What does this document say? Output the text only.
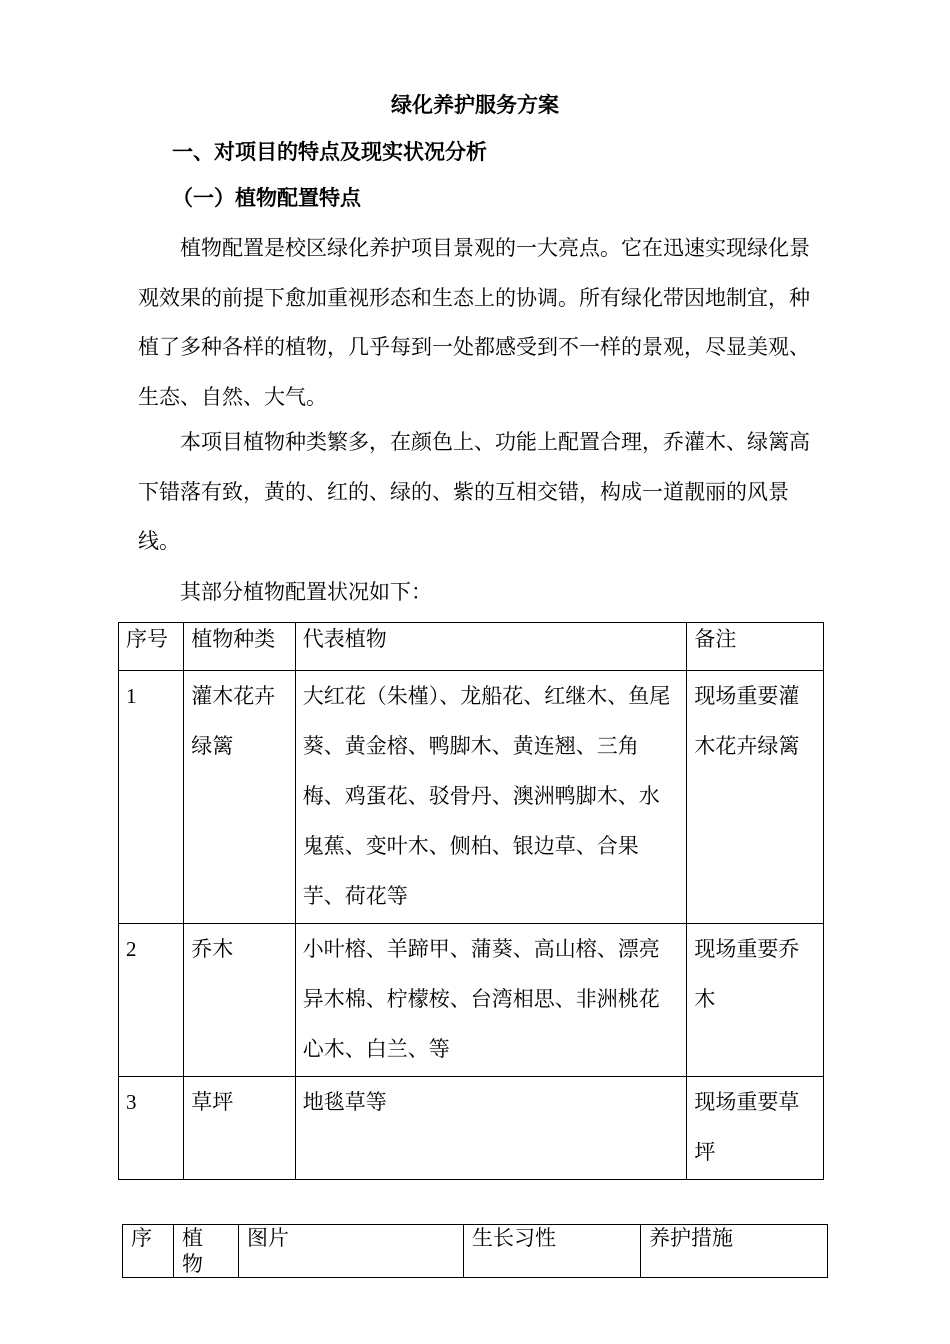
绿化养护服务方案
一、对项目的特点及现实状况分析
（一）植物配置特点

植物配置是校区绿化养护项目景观的一大亮点。它在迅速实现绿化景观效果的前提下愈加重视形态和生态上的协调。所有绿化带因地制宜，种植了多种各样的植物，几乎每到一处都感受到不一样的景观，尽显美观、生态、自然、大气。

本项目植物种类繁多，在颜色上、功能上配置合理，乔灌木、绿篱高下错落有致，黄的、红的、绿的、紫的互相交错，构成一道靓丽的风景线。

其部分植物配置状况如下：

序号	植物种类	代表植物	备注
1	灌木花卉绿篱	大红花（朱槿）、龙船花、红继木、鱼尾葵、黄金榕、鸭脚木、黄连翘、三角梅、鸡蛋花、驳骨丹、澳洲鸭脚木、水鬼蕉、变叶木、侧柏、银边草、合果芋、荷花等	现场重要灌木花卉绿篱
2	乔木	小叶榕、羊蹄甲、蒲葵、高山榕、漂亮异木棉、柠檬桉、台湾相思、非洲桃花心木、白兰、等	现场重要乔木
3	草坪	地毯草等	现场重要草坪
序	植物	图片	生长习性	养护措施
